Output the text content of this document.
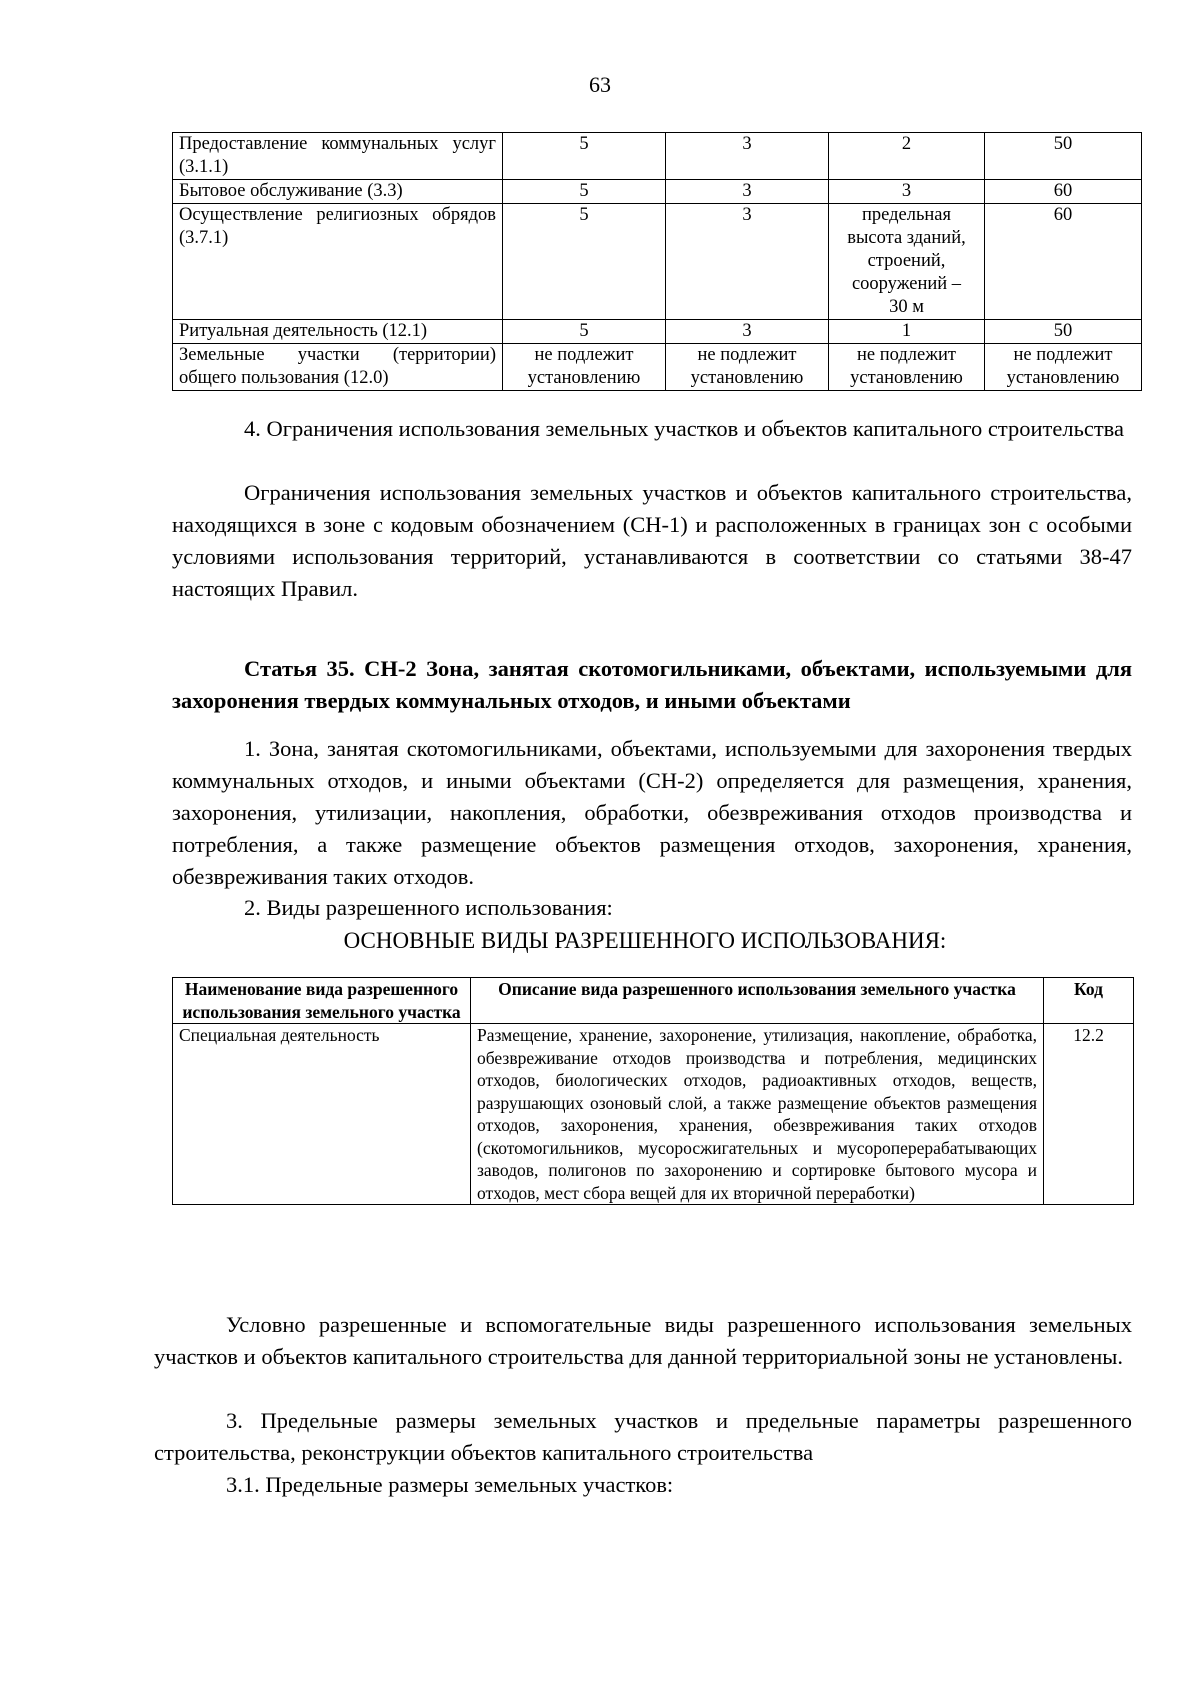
63
Предоставление коммунальных услуг (3.1.1)	5	3	2	50
Бытовое обслуживание (3.3)	5	3	3	60
Осуществление религиозных обрядов (3.7.1)	5	3	предельная высота зданий, строений, сооружений – 30 м	60
Ритуальная деятельность (12.1)	5	3	1	50
Земельные участки (территории) общего пользования (12.0)	не подлежит установлению	не подлежит установлению	не подлежит установлению	не подлежит установлению

4. Ограничения использования земельных участков и объектов капитального строительства

Ограничения использования земельных участков и объектов капитального строительства, находящихся в зоне с кодовым обозначением (СН-1) и расположенных в границах зон с особыми условиями использования территорий, устанавливаются в соответствии со статьями 38-47 настоящих Правил.

Статья 35. СН-2 Зона, занятая скотомогильниками, объектами, используемыми для захоронения твердых коммунальных отходов, и иными объектами

1. Зона, занятая скотомогильниками, объектами, используемыми для захоронения твердых коммунальных отходов, и иными объектами (СН-2) определяется для размещения, хранения, захоронения, утилизации, накопления, обработки, обезвреживания отходов производства и потребления, а также размещение объектов размещения отходов, захоронения, хранения, обезвреживания таких отходов.

2. Виды разрешенного использования:

ОСНОВНЫЕ ВИДЫ РАЗРЕШЕННОГО ИСПОЛЬЗОВАНИЯ:
Наименование вида разрешенного использования земельного участка	Описание вида разрешенного использования земельного участка	Код
Специальная деятельность	Размещение, хранение, захоронение, утилизация, накопление, обработка, обезвреживание отходов производства и потребления, медицинских отходов, биологических отходов, радиоактивных отходов, веществ, разрушающих озоновый слой, а также размещение объектов размещения отходов, захоронения, хранения, обезвреживания таких отходов (скотомогильников, мусоросжигательных и мусороперерабатывающих заводов, полигонов по захоронению и сортировке бытового мусора и отходов, мест сбора вещей для их вторичной переработки)	12.2

Условно разрешенные и вспомогательные виды разрешенного использования земельных участков и объектов капитального строительства для данной территориальной зоны не установлены.

3. Предельные размеры земельных участков и предельные параметры разрешенного строительства, реконструкции объектов капитального строительства

3.1. Предельные размеры земельных участков:
